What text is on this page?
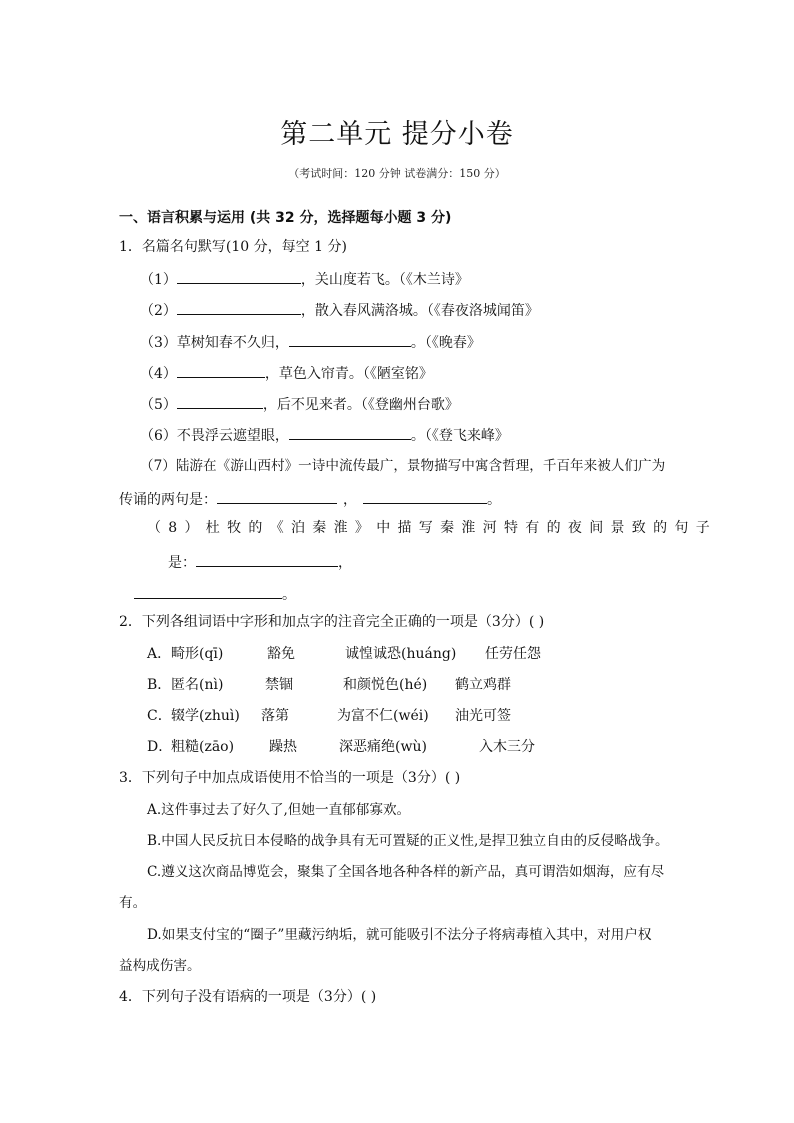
第二单元 提分小卷
（考试时间：120 分钟 试卷满分：150 分）
一、语言积累与运用 (共 32 分，选择题每小题 3 分)
1．名篇名句默写(10 分，每空 1 分)
（1）	，关山度若飞。（《木兰诗》
（2）	，散入春风满洛城。（《春夜洛城闻笛》
（3）草树知春不久归，	。（《晚春》
（4）	，草色入帘青。（《陋室铭》
（5）	，后不见来者。（《登幽州台歌》
（6）不畏浮云遮望眼，	。（《登飞来峰》
（7）陆游在《游山西村》一诗中流传最广，景物描写中寓含哲理，千百年来被人们广为
传诵的两句是：	，	。
（8）杜牧的《泊秦淮》中描写秦淮河特有的夜间景致的句子
是：	，
。
2．下列各组词语中字形和加点字的注音完全正确的一项是（3分）( )
A．畸形(qī)	豁免	诚惶诚恐(huáng) 任劳任怨
B．匿名(nì)	禁锢	和颜悦色(hé) 鹤立鸡群
C．辍学(zhuì) 落第	为富不仁(wéi) 油光可签
D．粗糙(zāo) 躁热	深恶痛绝(wù)	入木三分
3．下列句子中加点成语使用不恰当的一项是（3分）( )
A.这件事过去了好久了,但她一直郁郁寡欢。
B.中国人民反抗日本侵略的战争具有无可置疑的正义性,是捍卫独立自由的反侵略战争。
C.遵义这次商品博览会，聚集了全国各地各种各样的新产品，真可谓浩如烟海，应有尽
有。
D.如果支付宝的“圈子”里藏污纳垢，就可能吸引不法分子将病毒植入其中，对用户权
益构成伤害。
4．下列句子没有语病的一项是（3分）( )
